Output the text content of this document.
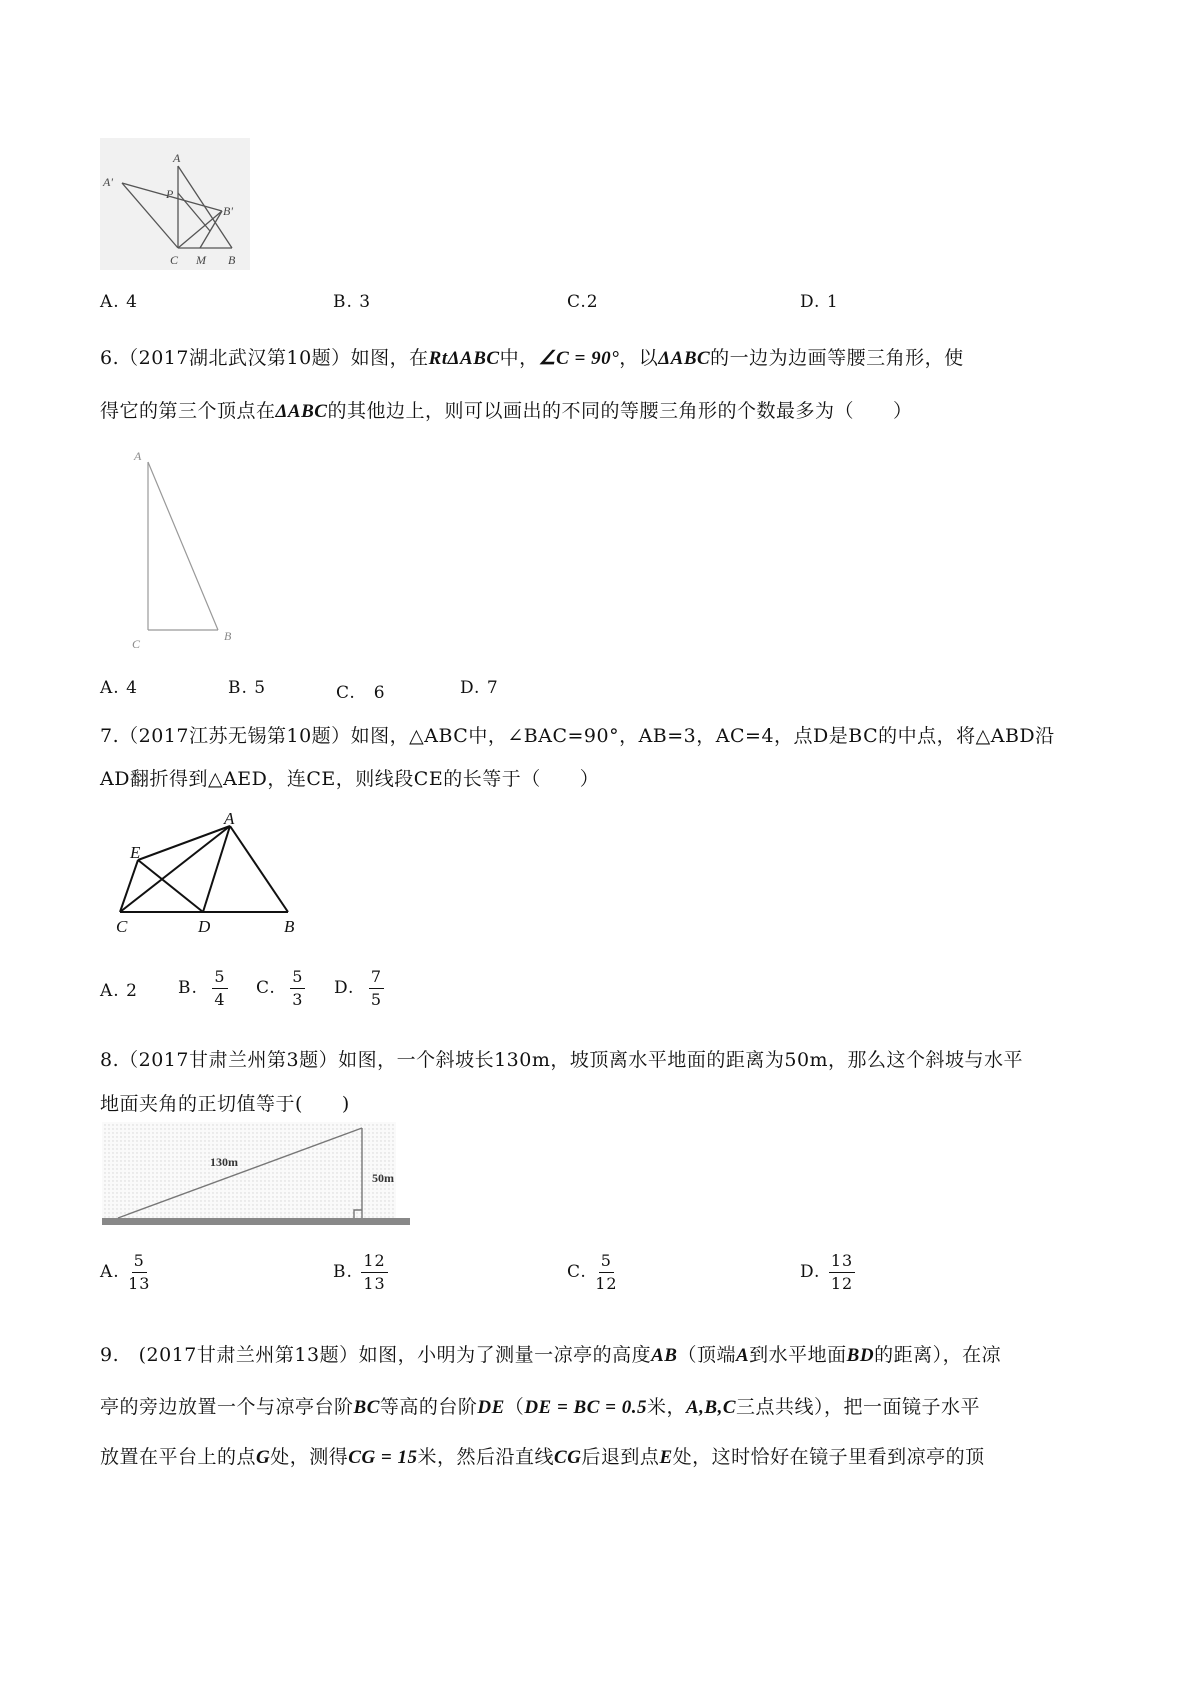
A
A'
P
B'
C M B
A. 4	B. 3	C.2	D. 1
6.（2017湖北武汉第10题）如图，在RtΔABC中，∠C = 90°，以ΔABC的一边为边画等腰三角形，使
得它的第三个顶点在ΔABC的其他边上，则可以画出的不同的等腰三角形的个数最多为（　　）
A
C
B
A. 4	B. 5	C.　6	D. 7
7.（2017江苏无锡第10题）如图，△ABC中，∠BAC=90°，AB=3，AC=4，点D是BC的中点，将△ABD沿
AD翻折得到△AED，连CE，则线段CE的长等于（　　）
A
E
C	D	B
A. 2 B. $\frac{5}{4} C$. $\frac{5}{3} D$. $\frac{7}{5}$
8.（2017甘肃兰州第3题）如图，一个斜坡长130m，坡顶离水平地面的距离为50m，那么这个斜坡与水平
地面夹角的正切值等于(　　)
130m
50m
A. $\frac{5}{13}$	B. $\frac{12}{13}$	C. $\frac{5}{12}$	D. $\frac{13}{12}$
9.　(2017甘肃兰州第13题）如图，小明为了测量一凉亭的高度AB（顶端A到水平地面BD的距离），在凉
亭的旁边放置一个与凉亭台阶BC等高的台阶DE（DE = BC = 0.5米，A,B,C三点共线），把一面镜子水平
放置在平台上的点G处，测得CG = 15米，然后沿直线CG后退到点E处，这时恰好在镜子里看到凉亭的顶
